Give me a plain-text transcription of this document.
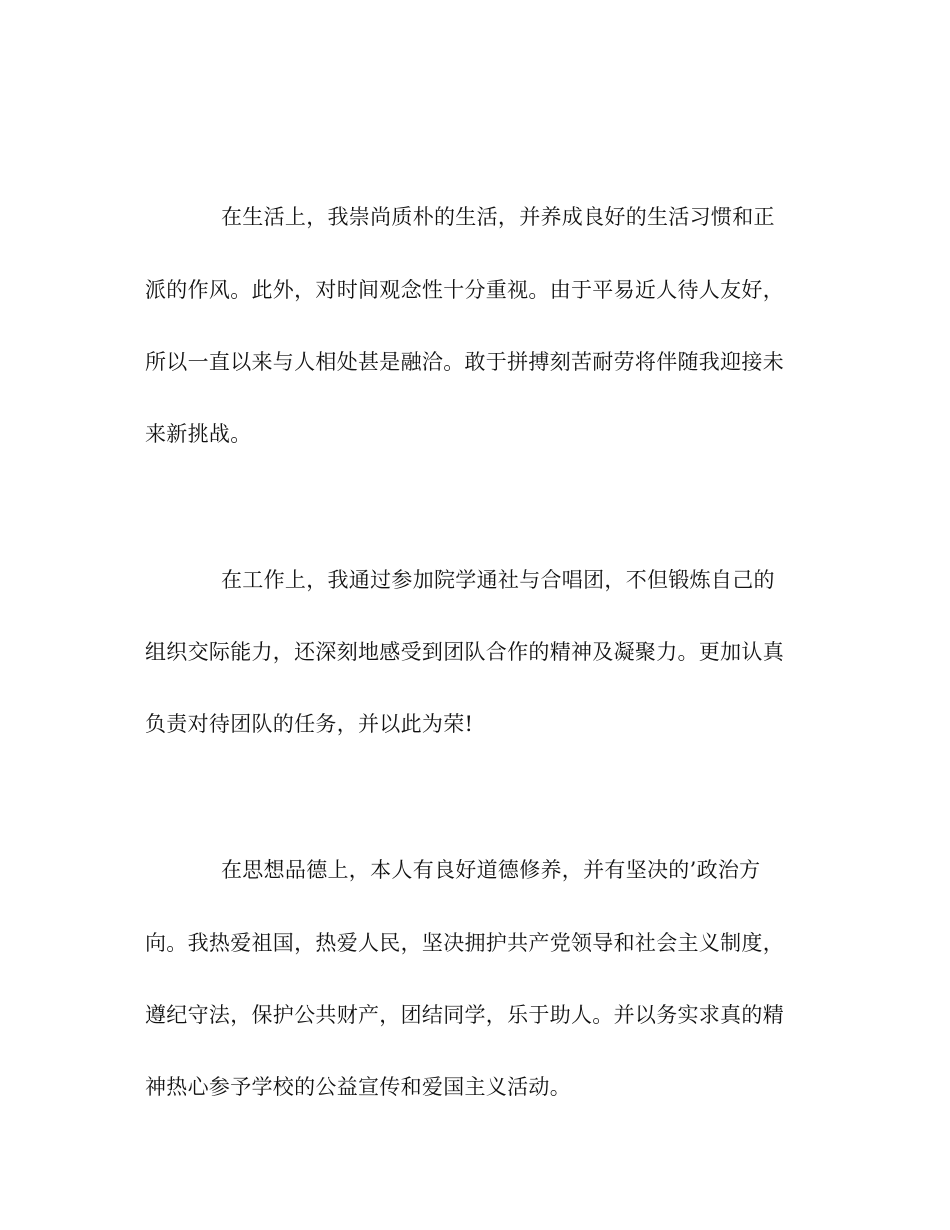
在生活上，我崇尚质朴的生活，并养成良好的生活习惯和正
派的作风。此外，对时间观念性十分重视。由于平易近人待人友好，
所以一直以来与人相处甚是融洽。敢于拼搏刻苦耐劳将伴随我迎接未
来新挑战。
在工作上，我通过参加院学通社与合唱团，不但锻炼自己的
组织交际能力，还深刻地感受到团队合作的精神及凝聚力。更加认真
负责对待团队的任务，并以此为荣!
在思想品德上，本人有良好道德修养，并有坚决的’政治方
向。我热爱祖国，热爱人民，坚决拥护共产党领导和社会主义制度，
遵纪守法，保护公共财产，团结同学，乐于助人。并以务实求真的精
神热心参予学校的公益宣传和爱国主义活动。
